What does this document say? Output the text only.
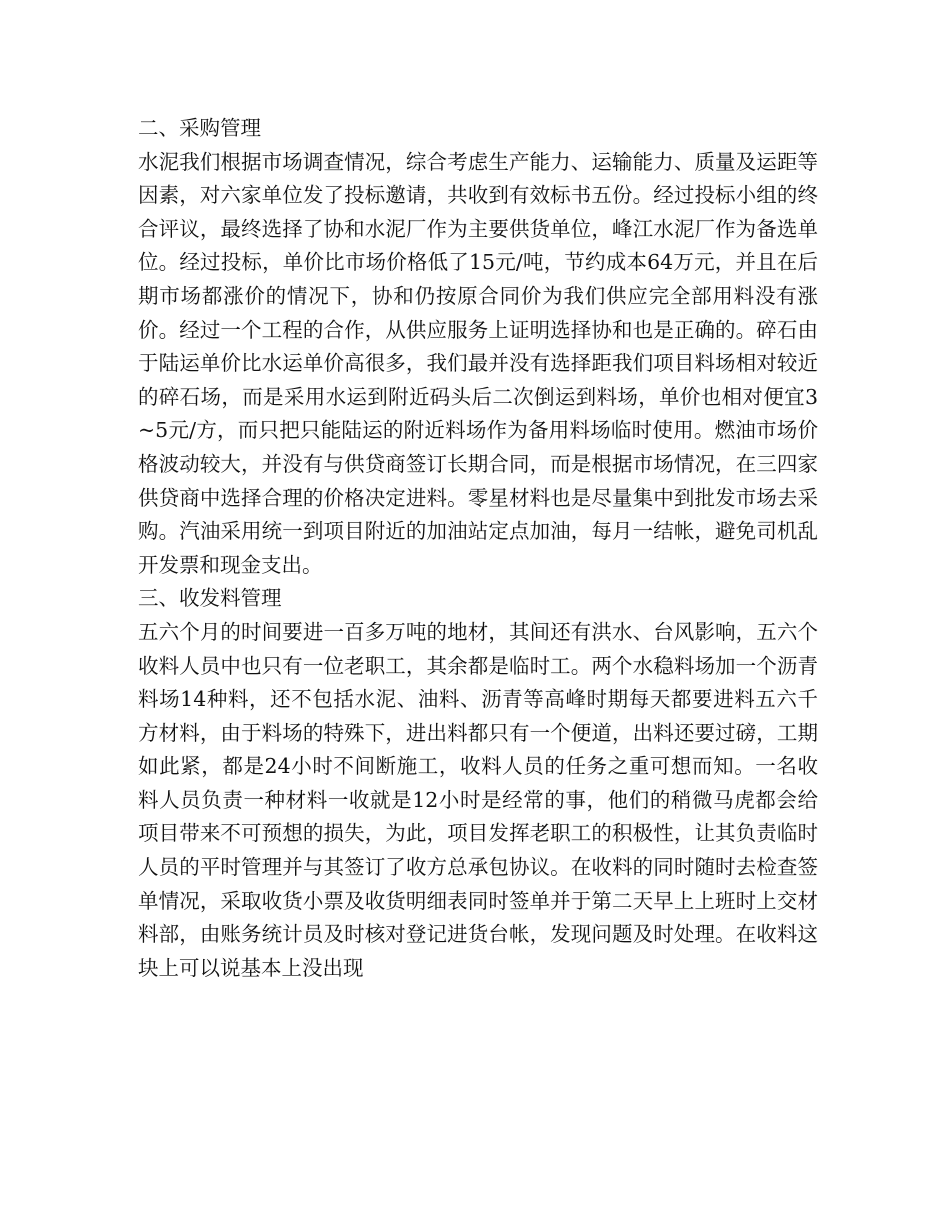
二、采购管理

水泥我们根据市场调查情况，综合考虑生产能力、运输能力、质量及运距等因素，对六家单位发了投标邀请，共收到有效标书五份。经过投标小组的终合评议，最终选择了协和水泥厂作为主要供货单位，峰江水泥厂作为备选单位。经过投标，单价比市场价格低了15元/吨，节约成本64万元，并且在后期市场都涨价的情况下，协和仍按原合同价为我们供应完全部用料没有涨价。经过一个工程的合作，从供应服务上证明选择协和也是正确的。碎石由于陆运单价比水运单价高很多，我们最并没有选择距我们项目料场相对较近的碎石场，而是采用水运到附近码头后二次倒运到料场，单价也相对便宜3~5元/方，而只把只能陆运的附近料场作为备用料场临时使用。燃油市场价格波动较大，并没有与供贷商签订长期合同，而是根据市场情况，在三四家供贷商中选择合理的价格决定进料。零星材料也是尽量集中到批发市场去采购。汽油采用统一到项目附近的加油站定点加油，每月一结帐，避免司机乱开发票和现金支出。

三、收发料管理

五六个月的时间要进一百多万吨的地材，其间还有洪水、台风影响，五六个收料人员中也只有一位老职工，其余都是临时工。两个水稳料场加一个沥青料场14种料，还不包括水泥、油料、沥青等高峰时期每天都要进料五六千方材料，由于料场的特殊下，进出料都只有一个便道，出料还要过磅，工期如此紧，都是24小时不间断施工，收料人员的任务之重可想而知。一名收料人员负责一种材料一收就是12小时是经常的事，他们的稍微马虎都会给项目带来不可预想的损失，为此，项目发挥老职工的积极性，让其负责临时人员的平时管理并与其签订了收方总承包协议。在收料的同时随时去检查签单情况，采取收货小票及收货明细表同时签单并于第二天早上上班时上交材料部，由账务统计员及时核对登记进货台帐，发现问题及时处理。在收料这块上可以说基本上没出现
